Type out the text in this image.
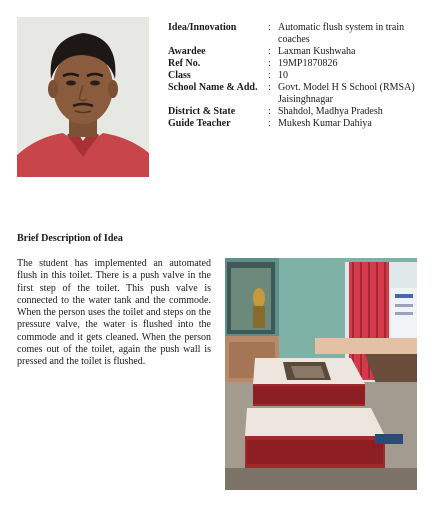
Idea/Innovation	: Automatic flush system in train coaches
Awardee	: Laxman Kushwaha
Ref No.	: 19MP1870826
Class	: 10
School Name & Add.	: Govt. Model H S School (RMSA) Jaisinghnagar
District & State	: Shahdol, Madhya Pradesh
Guide Teacher	: Mukesh Kumar Dahiya
Brief Description of Idea
The student has implemented an automated flush in this toilet. There is a push valve in the first step of the toilet. This push valve is connected to the water tank and the commode. When the person uses the toilet and steps on the pressure valve, the water is flushed into the commode and it gets cleaned. When the person comes out of the toilet, again the push wall is pressed and the toilet is flushed.
